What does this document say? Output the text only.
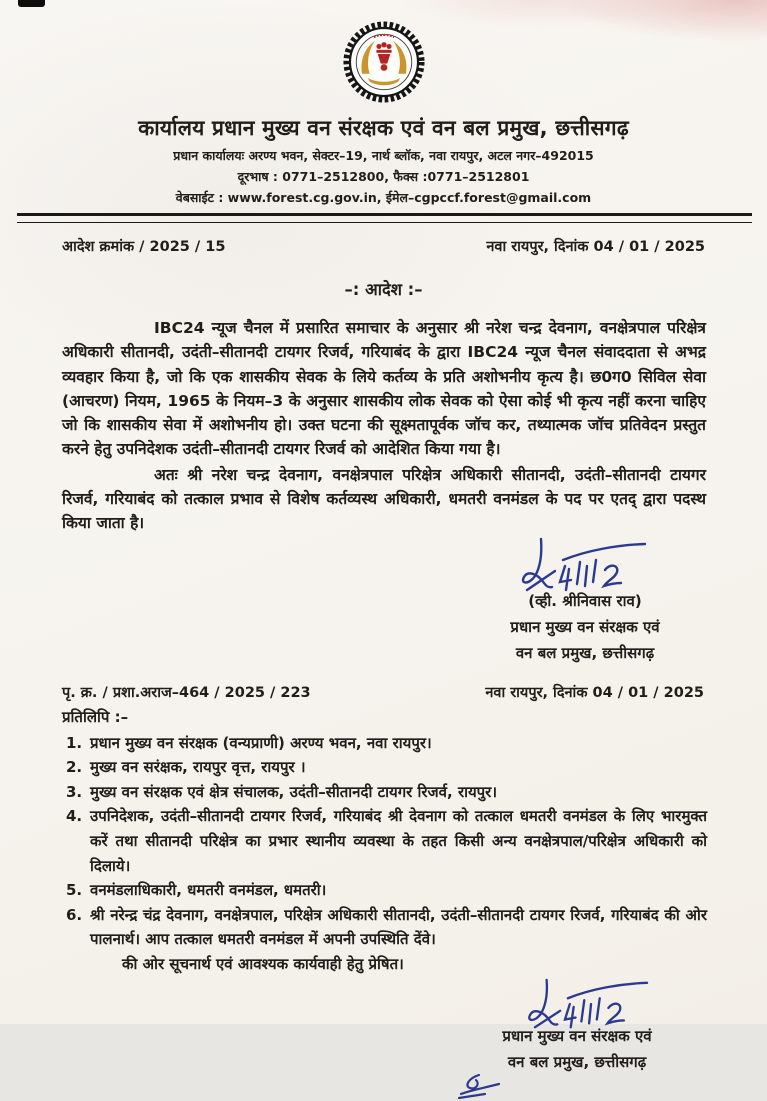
कार्यालय प्रधान मुख्य वन संरक्षक एवं वन बल प्रमुख, छत्तीसगढ़
प्रधान कार्यालयः अरण्य भवन, सेक्टर–19, नार्थ ब्लॉक, नवा रायपुर, अटल नगर–492015
दूरभाष : 0771–2512800, फैक्स :0771–2512801
वेबसाईट : www.forest.cg.gov.in, ईमेल–cgpccf.forest@gmail.com
आदेश क्रमांक / 2025 / 15	नवा रायपुर, दिनांक 04 / 01 / 2025
–: आदेश :–

IBC24 न्यूज चैनल में प्रसारित समाचार के अनुसार श्री नरेश चन्द्र देवनाग, वनक्षेत्रपाल परिक्षेत्र अधिकारी सीतानदी, उदंती–सीतानदी टायगर रिजर्व, गरियाबंद के द्वारा IBC24 न्यूज चैनल संवाददाता से अभद्र व्यवहार किया है, जो कि एक शासकीय सेवक के लिये कर्तव्य के प्रति अशोभनीय कृत्य है। छ0ग0 सिविल सेवा (आचरण) नियम, 1965 के नियम–3 के अनुसार शासकीय लोक सेवक को ऐसा कोई भी कृत्य नहीं करना चाहिए जो कि शासकीय सेवा में अशोभनीय हो। उक्त घटना की सूक्ष्मतापूर्वक जॉच कर, तथ्यात्मक जॉच प्रतिवेदन प्रस्तुत करने हेतु उपनिदेशक उदंती–सीतानदी टायगर रिजर्व को आदेशित किया गया है।

अतः श्री नरेश चन्द्र देवनाग, वनक्षेत्रपाल परिक्षेत्र अधिकारी सीतानदी, उदंती–सीतानदी टायगर रिजर्व, गरियाबंद को तत्काल प्रभाव से विशेष कर्तव्यस्थ अधिकारी, धमतरी वनमंडल के पद पर एतद् द्वारा पदस्थ किया जाता है।

(व्ही. श्रीनिवास राव)
प्रधान मुख्य वन संरक्षक एवं
वन बल प्रमुख, छत्तीसगढ़
पृ. क्र. / प्रशा.अराज–464 / 2025 / 223	नवा रायपुर, दिनांक 04 / 01 / 2025
प्रतिलिपि :–
1. प्रधान मुख्य वन संरक्षक (वन्यप्राणी) अरण्य भवन, नवा रायपुर।
2. मुख्य वन सरंक्षक, रायपुर वृत्त, रायपुर ।
3. मुख्य वन संरक्षक एवं क्षेत्र संचालक, उदंती–सीतानदी टायगर रिजर्व, रायपुर।
4. उपनिदेशक, उदंती–सीतानदी टायगर रिजर्व, गरियाबंद श्री देवनाग को तत्काल धमतरी वनमंडल के लिए भारमुक्त करें तथा सीतानदी परिक्षेत्र का प्रभार स्थानीय व्यवस्था के तहत किसी अन्य वनक्षेत्रपाल/परिक्षेत्र अधिकारी को दिलाये।
5. वनमंडलाधिकारी, धमतरी वनमंडल, धमतरी।
6. श्री नरेन्द्र चंद्र देवनाग, वनक्षेत्रपाल, परिक्षेत्र अधिकारी सीतानदी, उदंती–सीतानदी टायगर रिजर्व, गरियाबंद की ओर पालनार्थ। आप तत्काल धमतरी वनमंडल में अपनी उपस्थिति देंवे।
की ओर सूचनार्थ एवं आवश्यक कार्यवाही हेतु प्रेषित।
प्रधान मुख्य वन संरक्षक एवं
वन बल प्रमुख, छत्तीसगढ़
